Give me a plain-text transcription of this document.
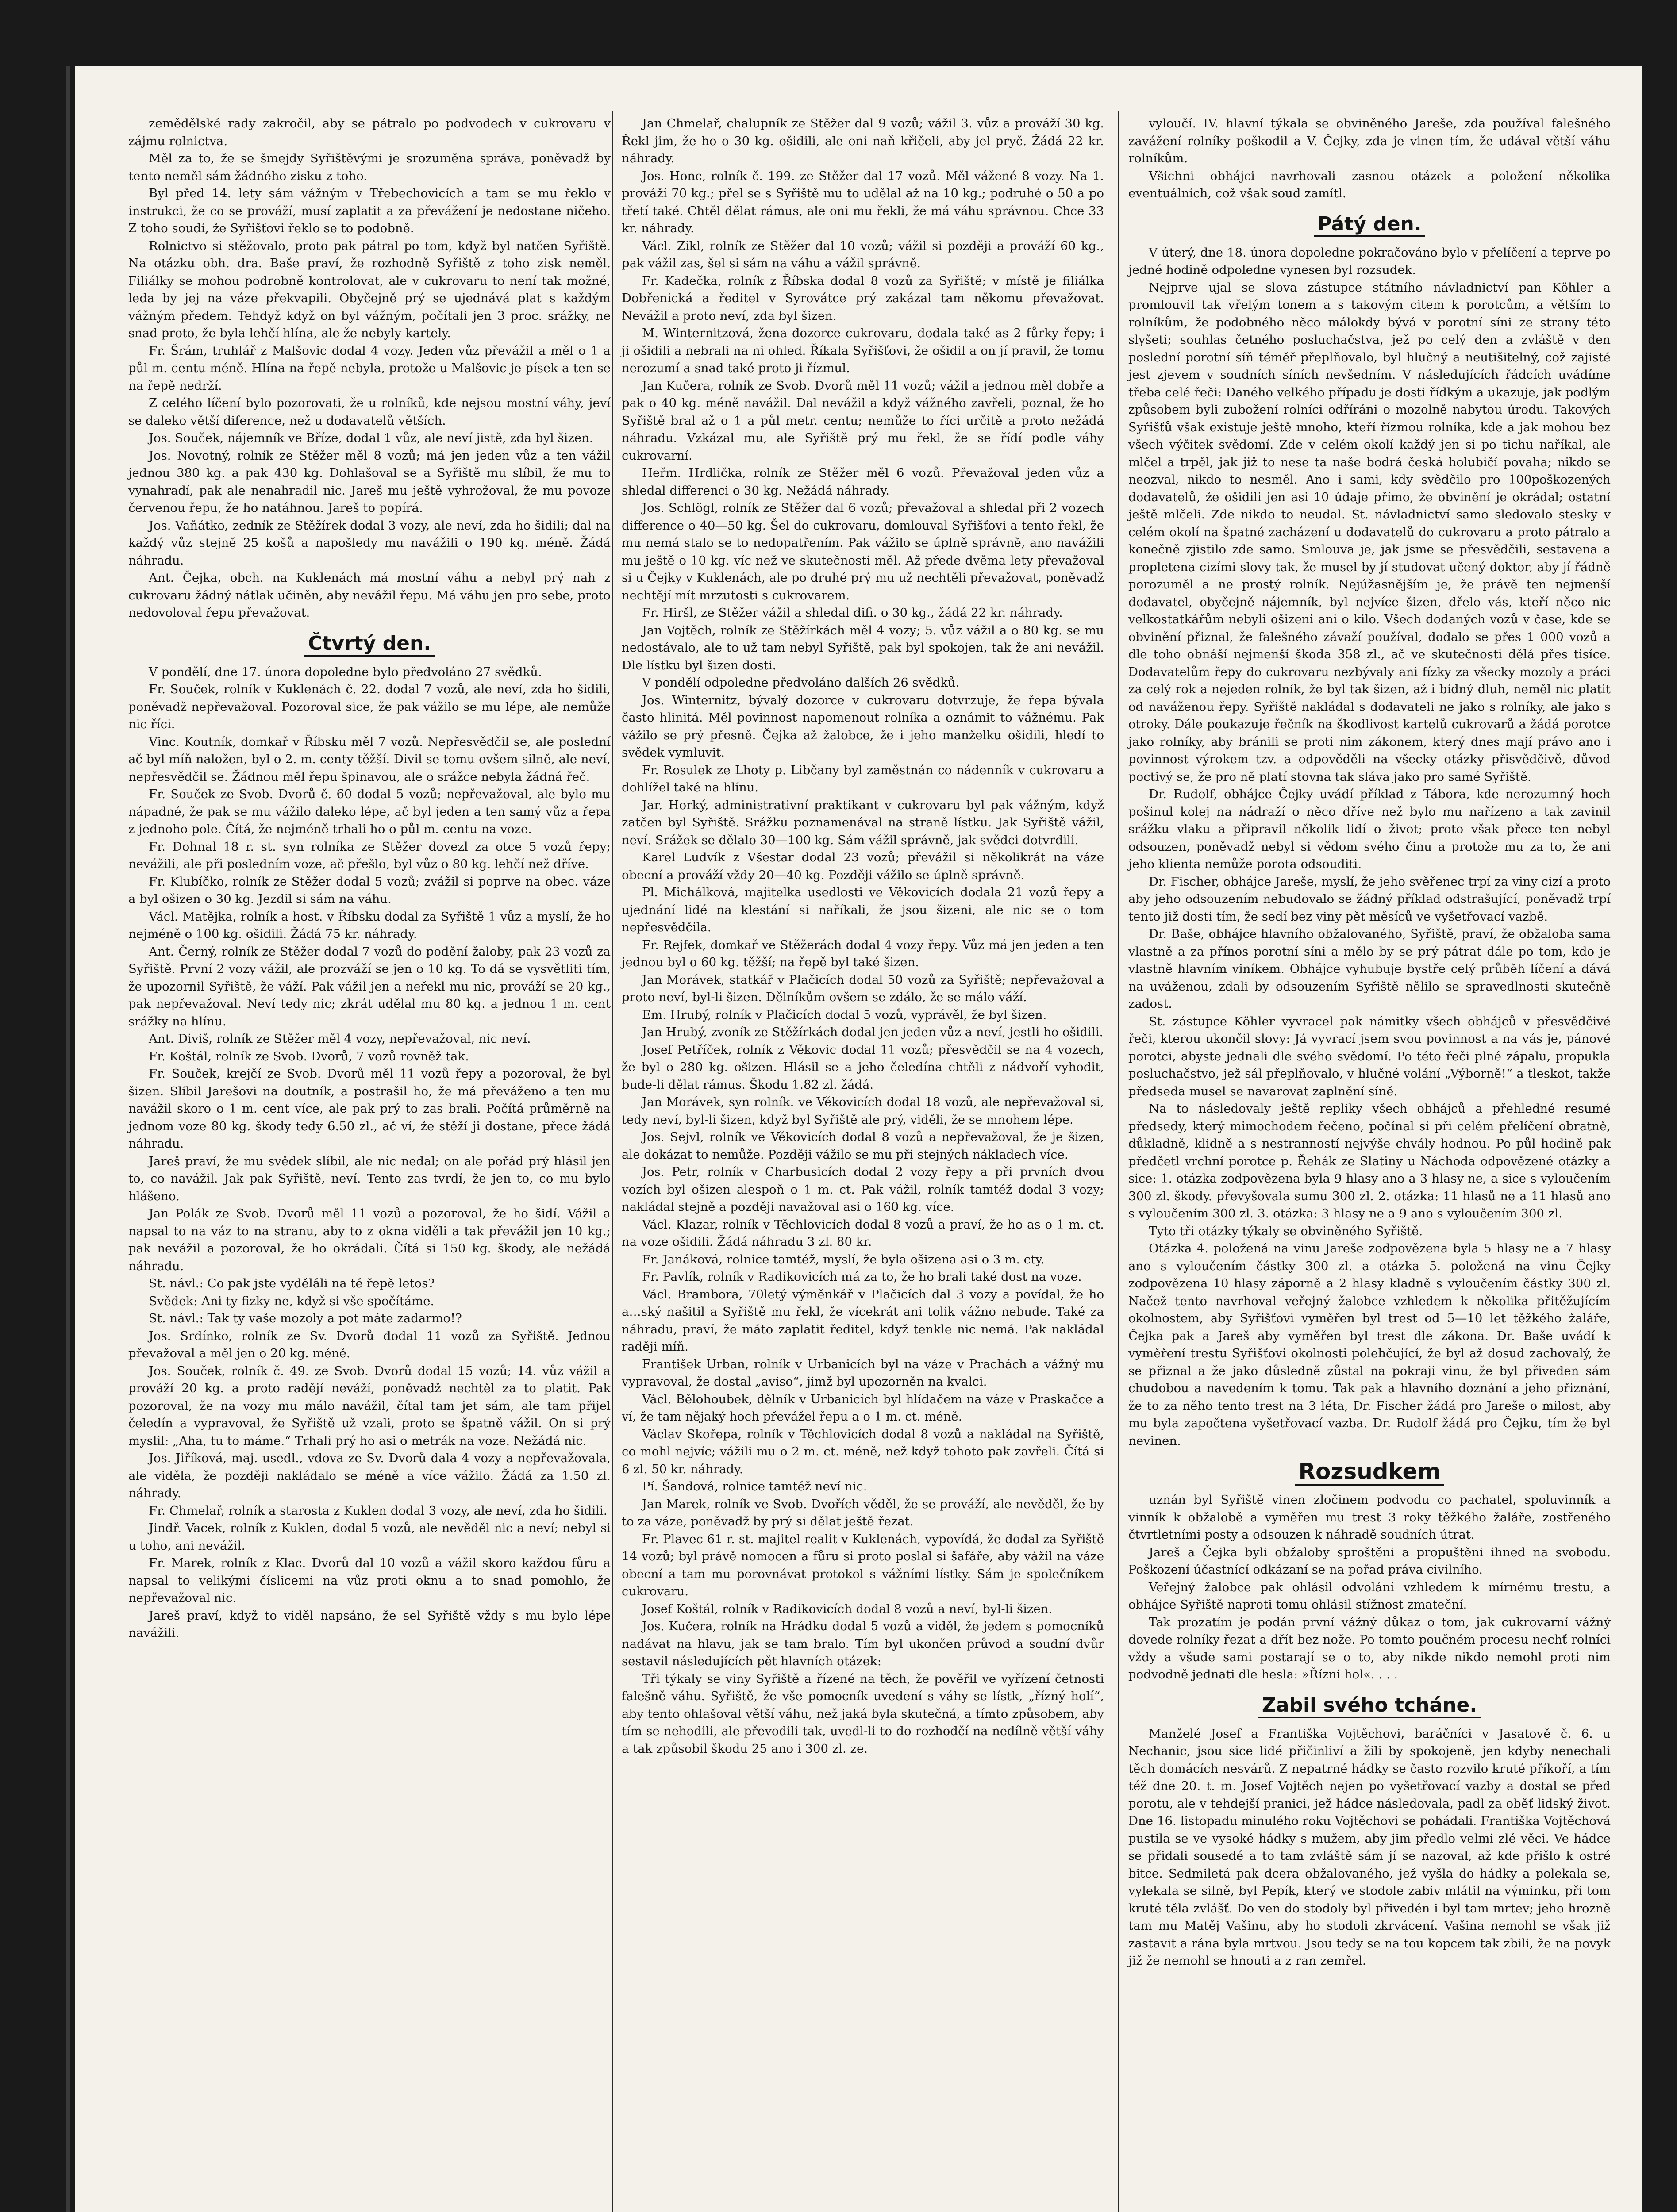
zemědělské rady zakročil, aby se pátralo po podvodech v cukrovaru v zájmu rolnictva.

Měl za to, že se šmejdy Syřištěvými je srozuměna správa, poněvadž by tento neměl sám žádného zisku z toho.

Byl před 14. lety sám vážným v Třebechovicích a tam se mu řeklo v instrukci, že co se prováží, musí zaplatit a za převážení je nedostane ničeho. Z toho soudí, že Syřišťovi řeklo se to podobně.

Rolnictvo si stěžovalo, proto pak pátral po tom, když byl natčen Syřiště. Na otázku obh. dra. Baše praví, že rozhodně Syřiště z toho zisk neměl. Filiálky se mohou podrobně kontrolovat, ale v cukrovaru to není tak možné, leda by jej na váze překvapili. Obyčejně prý se ujednává plat s každým vážným předem. Tehdyž když on byl vážným, počítali jen 3 proc. srážky, ne snad proto, že byla lehčí hlína, ale že nebyly kartely.

Fr. Šrám, truhlář z Malšovic dodal 4 vozy. Jeden vůz převážil a měl o 1 a půl m. centu méně. Hlína na řepě nebyla, protože u Malšovic je písek a ten se na řepě nedrží.

Z celého líčení bylo pozorovati, že u rolníků, kde nejsou mostní váhy, jeví se daleko větší diference, než u dodavatelů větších.

Jos. Souček, nájemník ve Bříze, dodal 1 vůz, ale neví jistě, zda byl šizen.

Jos. Novotný, rolník ze Stěžer měl 8 vozů; má jen jeden vůz a ten vážil jednou 380 kg. a pak 430 kg. Dohlašoval se a Syřiště mu slíbil, že mu to vynahradí, pak ale nenahradil nic. Jareš mu ještě vyhrožoval, že mu povoze červenou řepu, že ho natáhnou. Jareš to popírá.

Jos. Vaňátko, zedník ze Stěžírek dodal 3 vozy, ale neví, zda ho šidili; dal na každý vůz stejně 25 košů a napošledy mu navážili o 190 kg. méně. Žádá náhradu.

Ant. Čejka, obch. na Kuklenách má mostní váhu a nebyl prý nah z cukrovaru žádný nátlak učiněn, aby nevážil řepu. Má váhu jen pro sebe, proto nedovoloval řepu převažovat.

Čtvrtý den.

V pondělí, dne 17. února dopoledne bylo předvoláno 27 svědků.

Fr. Souček, rolník v Kuklenách č. 22. dodal 7 vozů, ale neví, zda ho šidili, poněvadž nepřevažoval. Pozoroval sice, že pak vážilo se mu lépe, ale nemůže nic říci.

Vinc. Koutník, domkař v Říbsku měl 7 vozů. Nepřesvědčil se, ale poslední ač byl míň naložen, byl o 2. m. centy těžší. Divil se tomu ovšem silně, ale neví, nepřesvědčil se. Žádnou měl řepu špinavou, ale o srážce nebyla žádná řeč.

Fr. Souček ze Svob. Dvorů č. 60 dodal 5 vozů; nepřevažoval, ale bylo mu nápadné, že pak se mu vážilo daleko lépe, ač byl jeden a ten samý vůz a řepa z jednoho pole. Čítá, že nejméně trhali ho o půl m. centu na voze.

Fr. Dohnal 18 r. st. syn rolníka ze Stěžer dovezl za otce 5 vozů řepy; nevážili, ale při posledním voze, ač přešlo, byl vůz o 80 kg. lehčí než dříve.

Fr. Klubíčko, rolník ze Stěžer dodal 5 vozů; zvážil si poprve na obec. váze a byl ošizen o 30 kg. Jezdil si sám na váhu.

Václ. Matějka, rolník a host. v Říbsku dodal za Syřiště 1 vůz a myslí, že ho nejméně o 100 kg. ošidili. Žádá 75 kr. náhrady.

Ant. Černý, rolník ze Stěžer dodal 7 vozů do podění žaloby, pak 23 vozů za Syřiště. První 2 vozy vážil, ale prozváží se jen o 10 kg. To dá se vysvětliti tím, že upozornil Syřiště, že váží. Pak vážil jen a neřekl mu nic, prováží se 20 kg., pak nepřevažoval. Neví tedy nic; zkrát udělal mu 80 kg. a jednou 1 m. cent srážky na hlínu.

Ant. Diviš, rolník ze Stěžer měl 4 vozy, nepřevažoval, nic neví.

Fr. Koštál, rolník ze Svob. Dvorů, 7 vozů rovněž tak.

Fr. Souček, krejčí ze Svob. Dvorů měl 11 vozů řepy a pozoroval, že byl šizen. Slíbil Jarešovi na doutník, a postrašil ho, že má převáženo a ten mu navážil skoro o 1 m. cent více, ale pak prý to zas brali. Počítá průměrně na jednom voze 80 kg. škody tedy 6.50 zl., ač ví, že stěží ji dostane, přece žádá náhradu.

Jareš praví, že mu svědek slíbil, ale nic nedal; on ale pořád prý hlásil jen to, co navážil. Jak pak Syřiště, neví. Tento zas tvrdí, že jen to, co mu bylo hlášeno.

Jan Polák ze Svob. Dvorů měl 11 vozů a pozoroval, že ho šidí. Vážil a napsal to na váz to na stranu, aby to z okna viděli a tak převážil jen 10 kg.; pak nevážil a pozoroval, že ho okrádali. Čítá si 150 kg. škody, ale nežádá náhradu.

St. návl.: Co pak jste vyděláli na té řepě letos?

Svědek: Ani ty fizky ne, když si vše spočítáme.

St. návl.: Tak ty vaše mozoly a pot máte zadarmo!?

Jos. Srdínko, rolník ze Sv. Dvorů dodal 11 vozů za Syřiště. Jednou převažoval a měl jen o 20 kg. méně.

Jos. Souček, rolník č. 49. ze Svob. Dvorů dodal 15 vozů; 14. vůz vážil a prováží 20 kg. a proto radějí neváží, poněvadž nechtěl za to platit. Pak pozoroval, že na vozy mu málo navážil, čítal tam jet sám, ale tam přijel čeledín a vypravoval, že Syřiště už vzali, proto se špatně vážil. On si prý myslil: „Aha, tu to máme.“ Trhali prý ho asi o metrák na voze. Nežádá nic.

Jos. Jiříková, maj. usedl., vdova ze Sv. Dvorů dala 4 vozy a nepřevažovala, ale viděla, že později nakládalo se méně a více vážilo. Žádá za 1.50 zl. náhrady.

Fr. Chmelař, rolník a starosta z Kuklen dodal 3 vozy, ale neví, zda ho šidili.

Jindř. Vacek, rolník z Kuklen, dodal 5 vozů, ale nevěděl nic a neví; nebyl si u toho, ani nevážil.

Fr. Marek, rolník z Klac. Dvorů dal 10 vozů a vážil skoro každou fůru a napsal to velikými číslicemi na vůz proti oknu a to snad pomohlo, že nepřevažoval nic.

Jareš praví, když to viděl napsáno, že sel Syřiště vždy s mu bylo lépe navážili.

Jan Chmelař, chalupník ze Stěžer dal 9 vozů; vážil 3. vůz a prováží 30 kg. Řekl jim, že ho o 30 kg. ošidili, ale oni naň křičeli, aby jel pryč. Žádá 22 kr. náhrady.

Jos. Honc, rolník č. 199. ze Stěžer dal 17 vozů. Měl vážené 8 vozy. Na 1. prováží 70 kg.; přel se s Syřiště mu to udělal až na 10 kg.; podruhé o 50 a po třetí také. Chtěl dělat rámus, ale oni mu řekli, že má váhu správnou. Chce 33 kr. náhrady.

Václ. Zikl, rolník ze Stěžer dal 10 vozů; vážil si později a prováží 60 kg., pak vážil zas, šel si sám na váhu a vážil správně.

Fr. Kadečka, rolník z Říbska dodal 8 vozů za Syřiště; v místě je filiálka Dobřenická a ředitel v Syrovátce prý zakázal tam někomu převažovat. Nevážil a proto neví, zda byl šizen.

M. Winternitzová, žena dozorce cukrovaru, dodala také as 2 fůrky řepy; i ji ošidili a nebrali na ni ohled. Říkala Syřišťovi, že ošidil a on jí pravil, že tomu nerozumí a snad také proto ji řízmul.

Jan Kučera, rolník ze Svob. Dvorů měl 11 vozů; vážil a jednou měl dobře a pak o 40 kg. méně navážil. Dal nevážil a když vážného zavřeli, poznal, že ho Syřiště bral až o 1 a půl metr. centu; nemůže to říci určitě a proto nežádá náhradu. Vzkázal mu, ale Syřiště prý mu řekl, že se řídí podle váhy cukrovarní.

Heřm. Hrdlička, rolník ze Stěžer měl 6 vozů. Převažoval jeden vůz a shledal differenci o 30 kg. Nežádá náhrady.

Jos. Schlögl, rolník ze Stěžer dal 6 vozů; převažoval a shledal při 2 vozech difference o 40—50 kg. Šel do cukrovaru, domlouval Syřišťovi a tento řekl, že mu nemá stalo se to nedopatřením. Pak vážilo se úplně správně, ano navážili mu ještě o 10 kg. víc než ve skutečnosti měl. Až přede dvěma lety převažoval si u Čejky v Kuklenách, ale po druhé prý mu už nechtěli převažovat, poněvadž nechtějí mít mrzutosti s cukrovarem.

Fr. Hiršl, ze Stěžer vážil a shledal difi. o 30 kg., žádá 22 kr. náhrady.

Jan Vojtěch, rolník ze Stěžírkách měl 4 vozy; 5. vůz vážil a o 80 kg. se mu nedostávalo, ale to už tam nebyl Syřiště, pak byl spokojen, tak že ani nevážil. Dle lístku byl šizen dosti.

V pondělí odpoledne předvoláno dalších 26 svědků.

Jos. Winternitz, bývalý dozorce v cukrovaru dotvrzuje, že řepa bývala často hlinitá. Měl povinnost napomenout rolníka a oznámit to vážnému. Pak vážilo se prý přesně. Čejka až žalobce, že i jeho manželku ošidili, hledí to svědek vymluvit.

Fr. Rosulek ze Lhoty p. Libčany byl zaměstnán co nádenník v cukrovaru a dohlížel také na hlínu.

Jar. Horký, administrativní praktikant v cukrovaru byl pak vážným, když zatčen byl Syřiště. Srážku poznamenával na straně lístku. Jak Syřiště vážil, neví. Srážek se dělalo 30—100 kg. Sám vážil správně, jak svědci dotvrdili.

Karel Ludvík z Všestar dodal 23 vozů; převážil si několikrát na váze obecní a prováží vždy 20—40 kg. Později vážilo se úplně správně.

Pl. Michálková, majitelka usedlosti ve Věkovicích dodala 21 vozů řepy a ujednání lidé na klestání si naříkali, že jsou šizeni, ale nic se o tom nepřesvědčila.

Fr. Rejfek, domkař ve Stěžerách dodal 4 vozy řepy. Vůz má jen jeden a ten jednou byl o 60 kg. těžší; na řepě byl také šizen.

Jan Morávek, statkář v Plačicích dodal 50 vozů za Syřiště; nepřevažoval a proto neví, byl-li šizen. Dělníkům ovšem se zdálo, že se málo váží.

Em. Hrubý, rolník v Plačicích dodal 5 vozů, vyprávěl, že byl šizen.

Jan Hrubý, zvoník ze Stěžírkách dodal jen jeden vůz a neví, jestli ho ošidili.

Josef Petříček, rolník z Věkovic dodal 11 vozů; přesvědčil se na 4 vozech, že byl o 280 kg. ošizen. Hlásil se a jeho čeledína chtěli z nádvoří vyhodit, bude-li dělat rámus. Škodu 1.82 zl. žádá.

Jan Morávek, syn rolník. ve Věkovicích dodal 18 vozů, ale nepřevažoval si, tedy neví, byl-li šizen, když byl Syřiště ale prý, viděli, že se mnohem lépe.

Jos. Sejvl, rolník ve Věkovicích dodal 8 vozů a nepřevažoval, že je šizen, ale dokázat to nemůže. Později vážilo se mu při stejných nákladech více.

Jos. Petr, rolník v Charbusicích dodal 2 vozy řepy a při prvních dvou vozích byl ošizen alespoň o 1 m. ct. Pak vážil, rolník tamtéž dodal 3 vozy; nakládal stejně a později navažoval asi o 160 kg. více.

Václ. Klazar, rolník v Těchlovicích dodal 8 vozů a praví, že ho as o 1 m. ct. na voze ošidili. Žádá náhradu 3 zl. 80 kr.

Fr. Janáková, rolnice tamtéž, myslí, že byla ošizena asi o 3 m. cty.

Fr. Pavlík, rolník v Radikovicích má za to, že ho brali také dost na voze.

Václ. Brambora, 70letý výměnkář v Plačicích dal 3 vozy a povídal, že ho a…ský našitil a Syřiště mu řekl, že vícekrát ani tolik vážno nebude. Také za náhradu, praví, že máto zaplatit ředitel, když tenkle nic nemá. Pak nakládal raději míň.

František Urban, rolník v Urbanicích byl na váze v Prachách a vážný mu vypravoval, že dostal „aviso“, jimž byl upozorněn na kvalci.

Václ. Bělohoubek, dělník v Urbanicích byl hlídačem na váze v Praskačce a ví, že tam nějaký hoch převážel řepu a o 1 m. ct. méně.

Václav Skořepa, rolník v Těchlovicích dodal 8 vozů a nakládal na Syřiště, co mohl nejvíc; vážili mu o 2 m. ct. méně, než když tohoto pak zavřeli. Čítá si 6 zl. 50 kr. náhrady.

Pí. Šandová, rolnice tamtéž neví nic.

Jan Marek, rolník ve Svob. Dvořích věděl, že se prováží, ale nevěděl, že by to za váze, poněvadž by prý si dělat ještě řezat.

Fr. Plavec 61 r. st. majitel realit v Kuklenách, vypovídá, že dodal za Syřiště 14 vozů; byl právě nomocen a fůru si proto poslal si šafáře, aby vážil na váze obecní a tam mu porovnávat protokol s vážními lístky. Sám je společníkem cukrovaru.

Josef Koštál, rolník v Radikovicích dodal 8 vozů a neví, byl-li šizen.

Jos. Kučera, rolník na Hrádku dodal 5 vozů a viděl, že jedem s pomocníků nadávat na hlavu, jak se tam bralo. Tím byl ukončen průvod a soudní dvůr sestavil následujících pět hlavních otázek:

Tři týkaly se viny Syřiště a řízené na těch, že pověřil ve vyřízení četnosti falešně váhu. Syřiště, že vše pomocník uvedení s váhy se lístk, „řízný holí“, aby tento ohlašoval větší váhu, než jaká byla skutečná, a tímto způsobem, aby tím se nehodili, ale převodili tak, uvedl-li to do rozhodčí na nedílně větší váhy a tak způsobil škodu 25 ano i 300 zl. ze.

vyloučí. IV. hlavní týkala se obviněného Jareše, zda používal falešného zavážení rolníky poškodil a V. Čejky, zda je vinen tím, že udával větší váhu rolníkům.

Všichni obhájci navrhovali zasnou otázek a položení několika eventuálních, což však soud zamítl.

Pátý den.

V úterý, dne 18. února dopoledne pokračováno bylo v přelíčení a teprve po jedné hodině odpoledne vynesen byl rozsudek.

Nejprve ujal se slova zástupce státního návladnictví pan Köhler a promlouvil tak vřelým tonem a s takovým citem k porotcům, a větším to rolníkům, že podobného něco málokdy bývá v porotní síni ze strany této slyšeti; souhlas četného posluchačstva, jež po celý den a zvláště v den poslední porotní síň téměř přeplňovalo, byl hlučný a neutišitelný, což zajisté jest zjevem v soudních síních nevšedním. V následujících řádcích uvádíme třeba celé řeči: Daného velkého případu je dosti řídkým a ukazuje, jak podlým způsobem byli zubožení rolníci odříráni o mozolně nabytou úrodu. Takových Syřišťů však existuje ještě mnoho, kteří řízmou rolníka, kde a jak mohou bez všech výčitek svědomí. Zde v celém okolí každý jen si po tichu naříkal, ale mlčel a trpěl, jak již to nese ta naše bodrá česká holubičí povaha; nikdo se neozval, nikdo to nesměl. Ano i sami, kdy svědčilo pro 100poškozených dodavatelů, že ošidili jen asi 10 údaje přímo, že obvinění je okrádal; ostatní ještě mlčeli. Zde nikdo to neudal. St. návladnictví samo sledovalo stesky v celém okolí na špatné zacházení u dodavatelů do cukrovaru a proto pátralo a konečně zjistilo zde samo. Smlouva je, jak jsme se přesvědčili, sestavena a propletena cizími slovy tak, že musel by jí studovat učený doktor, aby jí řádně porozuměl a ne prostý rolník. Nejúžasnějším je, že právě ten nejmenší dodavatel, obyčejně nájemník, byl nejvíce šizen, dřelo vás, kteří něco nic velkostatkářům nebyli ošizeni ani o kilo. Všech dodaných vozů v čase, kde se obvinění přiznal, že falešného závaží používal, dodalo se přes 1 000 vozů a dle toho obnáší nejmenší škoda 358 zl., ač ve skutečnosti dělá přes tisíce. Dodavatelům řepy do cukrovaru nezbývaly ani fízky za všecky mozoly a práci za celý rok a nejeden rolník, že byl tak šizen, až i bídný dluh, neměl nic platit od naváženou řepy. Syřiště nakládal s dodavateli ne jako s rolníky, ale jako s otroky. Dále poukazuje řečník na škodlivost kartelů cukrovarů a žádá porotce jako rolníky, aby bránili se proti nim zákonem, který dnes mají právo ano i povinnost výrokem tzv. a odpověděli na všecky otázky přisvědčivě, důvod poctivý se, že pro ně platí stovna tak sláva jako pro samé Syřiště.

Dr. Rudolf, obhájce Čejky uvádí příklad z Tábora, kde nerozumný hoch pošinul kolej na nádraží o něco dříve než bylo mu nařízeno a tak zavinil srážku vlaku a připravil několik lidí o život; proto však přece ten nebyl odsouzen, poněvadž nebyl si vědom svého činu a protože mu za to, že ani jeho klienta nemůže porota odsouditi.

Dr. Fischer, obhájce Jareše, myslí, že jeho svěřenec trpí za viny cizí a proto aby jeho odsouzením nebudovalo se žádný příklad odstrašující, poněvadž trpí tento již dosti tím, že sedí bez viny pět měsíců ve vyšetřovací vazbě.

Dr. Baše, obhájce hlavního obžalovaného, Syřiště, praví, že obžaloba sama vlastně a za přínos porotní síni a mělo by se prý pátrat dále po tom, kdo je vlastně hlavním viníkem. Obhájce vyhubuje bystře celý průběh líčení a dává na uváženou, zdali by odsouzením Syřiště nělilo se spravedlnosti skutečně zadost.

St. zástupce Köhler vyvracel pak námitky všech obhájců v přesvědčivé řeči, kterou ukončil slovy: Já vyvrací jsem svou povinnost a na vás je, pánové porotci, abyste jednali dle svého svědomí. Po této řeči plné zápalu, propukla posluchačstvo, jež sál přeplňovalo, v hlučné volání „Výborně!“ a tleskot, takže předseda musel se navarovat zaplnění síně.

Na to následovaly ještě repliky všech obhájců a přehledné resumé předsedy, který mimochodem řečeno, počínal si při celém přelíčení obratně, důkladně, klidně a s nestranností nejvýše chvály hodnou. Po půl hodině pak předčetl vrchní porotce p. Řehák ze Slatiny u Náchoda odpovězené otázky a sice: 1. otázka zodpovězena byla 9 hlasy ano a 3 hlasy ne, a sice s vyloučením 300 zl. škody. převyšovala sumu 300 zl. 2. otázka: 11 hlasů ne a 11 hlasů ano s vyloučením 300 zl. 3. otázka: 3 hlasy ne a 9 ano s vyloučením 300 zl.

Tyto tři otázky týkaly se obviněného Syřiště.

Otázka 4. položená na vinu Jareše zodpovězena byla 5 hlasy ne a 7 hlasy ano s vyloučením částky 300 zl. a otázka 5. položená na vinu Čejky zodpovězena 10 hlasy záporně a 2 hlasy kladně s vyloučením částky 300 zl. Načež tento navrhoval veřejný žalobce vzhledem k několika přitěžujícím okolnostem, aby Syřišťovi vyměřen byl trest od 5—10 let těžkého žaláře, Čejka pak a Jareš aby vyměřen byl trest dle zákona. Dr. Baše uvádí k vyměření trestu Syřišťovi okolnosti polehčující, že byl až dosud zachovalý, že se přiznal a že jako důsledně zůstal na pokraji vinu, že byl přiveden sám chudobou a navedením k tomu. Tak pak a hlavního doznání a jeho přiznání, že to za něho tento trest na 3 léta, Dr. Fischer žádá pro Jareše o milost, aby mu byla započtena vyšetřovací vazba. Dr. Rudolf žádá pro Čejku, tím že byl nevinen.

Rozsudkem

uznán byl Syřiště vinen zločinem podvodu co pachatel, spoluvinník a vinník k obžalobě a vyměřen mu trest 3 roky těžkého žaláře, zostřeného čtvrtletními posty a odsouzen k náhradě soudních útrat.

Jareš a Čejka byli obžaloby sproštěni a propuštěni ihned na svobodu. Poškození účastnící odkázaní se na pořad práva civilního.

Veřejný žalobce pak ohlásil odvolání vzhledem k mírnému trestu, a obhájce Syřiště naproti tomu ohlásil stížnost zmateční.

Tak prozatím je podán první vážný důkaz o tom, jak cukrovarní vážný dovede rolníky řezat a dřít bez nože. Po tomto poučném procesu nechť rolníci vždy a všude sami postarají se o to, aby nikde nikdo nemohl proti nim podvodně jednati dle hesla: »Řízni hol«. . . .

Zabil svého tcháne.

Manželé Josef a Františka Vojtěchovi, baráčníci v Jasatově č. 6. u Nechanic, jsou sice lidé přičinliví a žili by spokojeně, jen kdyby nenechali těch domácích nesvárů. Z nepatrné hádky se často rozvilo kruté příkoří, a tím též dne 20. t. m. Josef Vojtěch nejen po vyšetřovací vazby a dostal se před porotu, ale v tehdejší pranici, jež hádce následovala, padl za oběť lidský život. Dne 16. listopadu minulého roku Vojtěchovi se pohádali. Františka Vojtěchová pustila se ve vysoké hádky s mužem, aby jim předlo velmi zlé věci. Ve hádce se přidali sousedé a to tam zvláště sám jí se nazoval, až kde přišlo k ostré bitce. Sedmiletá pak dcera obžalovaného, jež vyšla do hádky a polekala se, vylekala se silně, byl Pepík, který ve stodole zabiv mlátil na výminku, při tom kruté těla zvlášť. Do ven do stodoly byl přivedén i byl tam mrtev; jeho hrozně tam mu Matěj Vašinu, aby ho stodoli zkrvácení. Vašina nemohl se však již zastavit a rána byla mrtvou. Jsou tedy se na tou kopcem tak zbili, že na povyk již že nemohl se hnouti a z ran zemřel.
